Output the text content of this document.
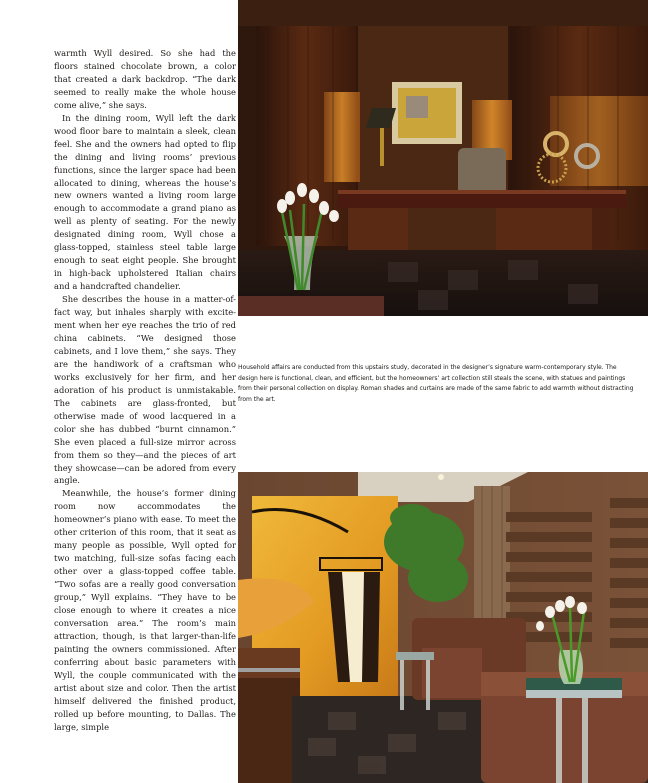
warmth Wyll desired. So she had the floors stained chocolate brown, a color that created a dark backdrop. “The dark seemed to really make the whole house come alive,” she says.

In the dining room, Wyll left the dark wood floor bare to maintain a sleek, clean feel. She and the owners had opted to flip the dining and living rooms’ previous functions, since the larger space had been allocated to dining, whereas the house’s new owners wanted a living room large enough to accommodate a grand piano as well as plenty of seating. For the newly designated dining room, Wyll chose a glass-topped, stainless steel table large enough to seat eight people. She brought in high-back upholstered Italian chairs and a handcrafted chandelier.

She describes the house in a matter-of-fact way, but inhales sharply with excitement when her eye reaches the trio of red china cabinets. “We designed those cabinets, and I love them,” she says. They are the handiwork of a craftsman who works exclusively for her firm, and her adoration of his product is unmistakable. The cabinets are glass-fronted, but otherwise made of wood lacquered in a color she has dubbed “burnt cinnamon.” She even placed a full-size mirror across from them so they—and the pieces of art they showcase—can be adored from every angle.

Meanwhile, the house’s former dining room now accommodates the homeowner’s piano with ease. To meet the other criterion of this room, that it seat as many people as possible, Wyll opted for two matching, full-size sofas facing each other over a glass-topped coffee table. “Two sofas are a really good conversation group,” Wyll explains. “They have to be close enough to where it creates a nice conversation area.” The room’s main attraction, though, is that larger-than-life painting the owners commissioned. After conferring about basic parameters with Wyll, the couple communicated with the artist about size and color. Then the artist himself delivered the finished product, rolled up before mounting, to Dallas. The large, simple

Household affairs are conducted from this upstairs study, decorated in the designer’s signature warm-contemporary style. The design here is functional, clean, and efficient, but the homeowners’ art collection still steals the scene, with statues and paintings from their personal collection on display. Roman shades and curtains are made of the same fabric to add warmth without distracting from the art.
